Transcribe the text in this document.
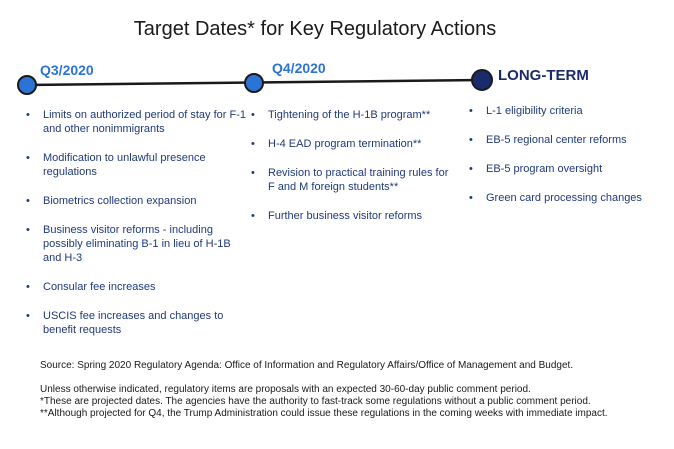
Target Dates* for Key Regulatory Actions
Q3/2020	Q4/2020	LONG-TERM
• Limits on authorized period of stay for F-1 and other nonimmigrants
• Modification to unlawful presence regulations
• Biometrics collection expansion
• Business visitor reforms - including possibly eliminating B-1 in lieu of H-1B and H-3
• Consular fee increases
• USCIS fee increases and changes to benefit requests
• Tightening of the H-1B program**
• H-4 EAD program termination**
• Revision to practical training rules for F and M foreign students**
• Further business visitor reforms
• L-1 eligibility criteria
• EB-5 regional center reforms
• EB-5 program oversight
• Green card processing changes
Source: Spring 2020 Regulatory Agenda: Office of Information and Regulatory Affairs/Office of Management and Budget.
Unless otherwise indicated, regulatory items are proposals with an expected 30-60-day public comment period.
*These are projected dates. The agencies have the authority to fast-track some regulations without a public comment period.
**Although projected for Q4, the Trump Administration could issue these regulations in the coming weeks with immediate impact.
